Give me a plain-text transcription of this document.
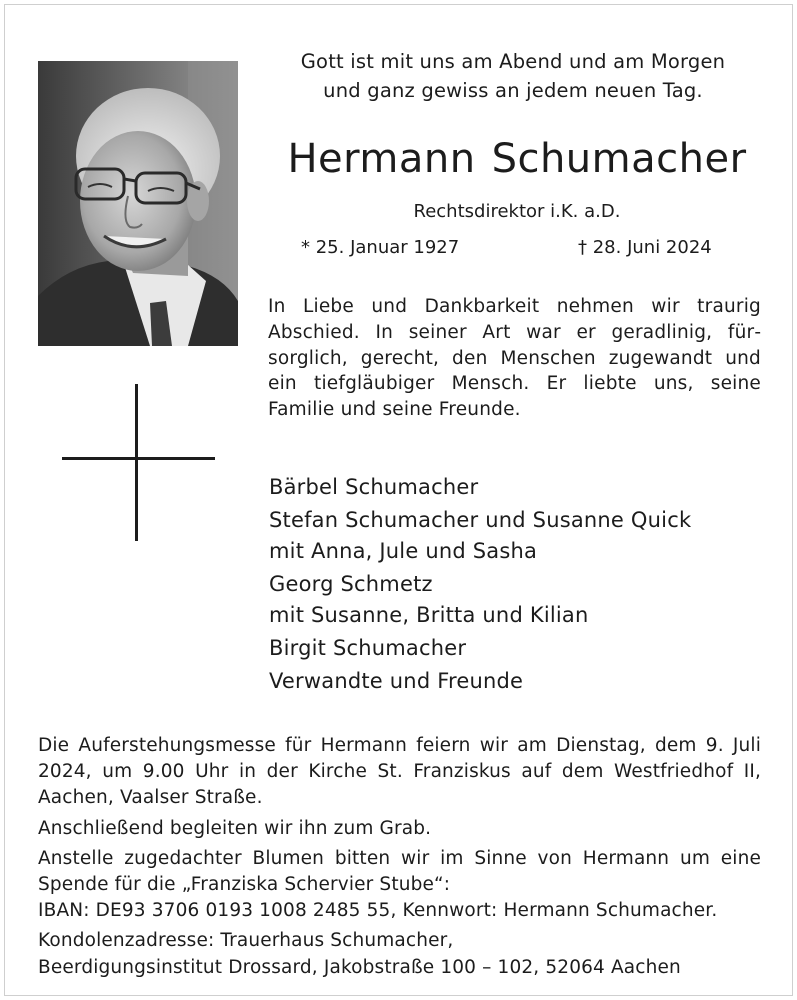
Gott ist mit uns am Abend und am Morgen
und ganz gewiss an jedem neuen Tag.
Hermann Schumacher
Rechtsdirektor i.K. a.D.
* 25. Januar 1927	† 28. Juni 2024
In Liebe und Dankbarkeit nehmen wir traurig Abschied. In seiner Art war er geradlinig, fürsorglich, gerecht, den Menschen zugewandt und ein tiefgläubiger Mensch. Er liebte uns, seine Familie und seine Freunde.
Bärbel Schumacher
Stefan Schumacher und Susanne Quick
mit Anna, Jule und Sasha
Georg Schmetz
mit Susanne, Britta und Kilian
Birgit Schumacher
Verwandte und Freunde

Die Auferstehungsmesse für Hermann feiern wir am Dienstag, dem 9. Juli 2024, um 9.00 Uhr in der Kirche St. Franziskus auf dem Westfriedhof II, Aachen, Vaalser Straße.

Anschließend begleiten wir ihn zum Grab.

Anstelle zugedachter Blumen bitten wir im Sinne von Hermann um eine Spende für die „Franziska Schervier Stube“:
IBAN: DE93 3706 0193 1008 2485 55, Kennwort: Hermann Schumacher.

Kondolenzadresse: Trauerhaus Schumacher,
Beerdigungsinstitut Drossard, Jakobstraße 100 – 102, 52064 Aachen
